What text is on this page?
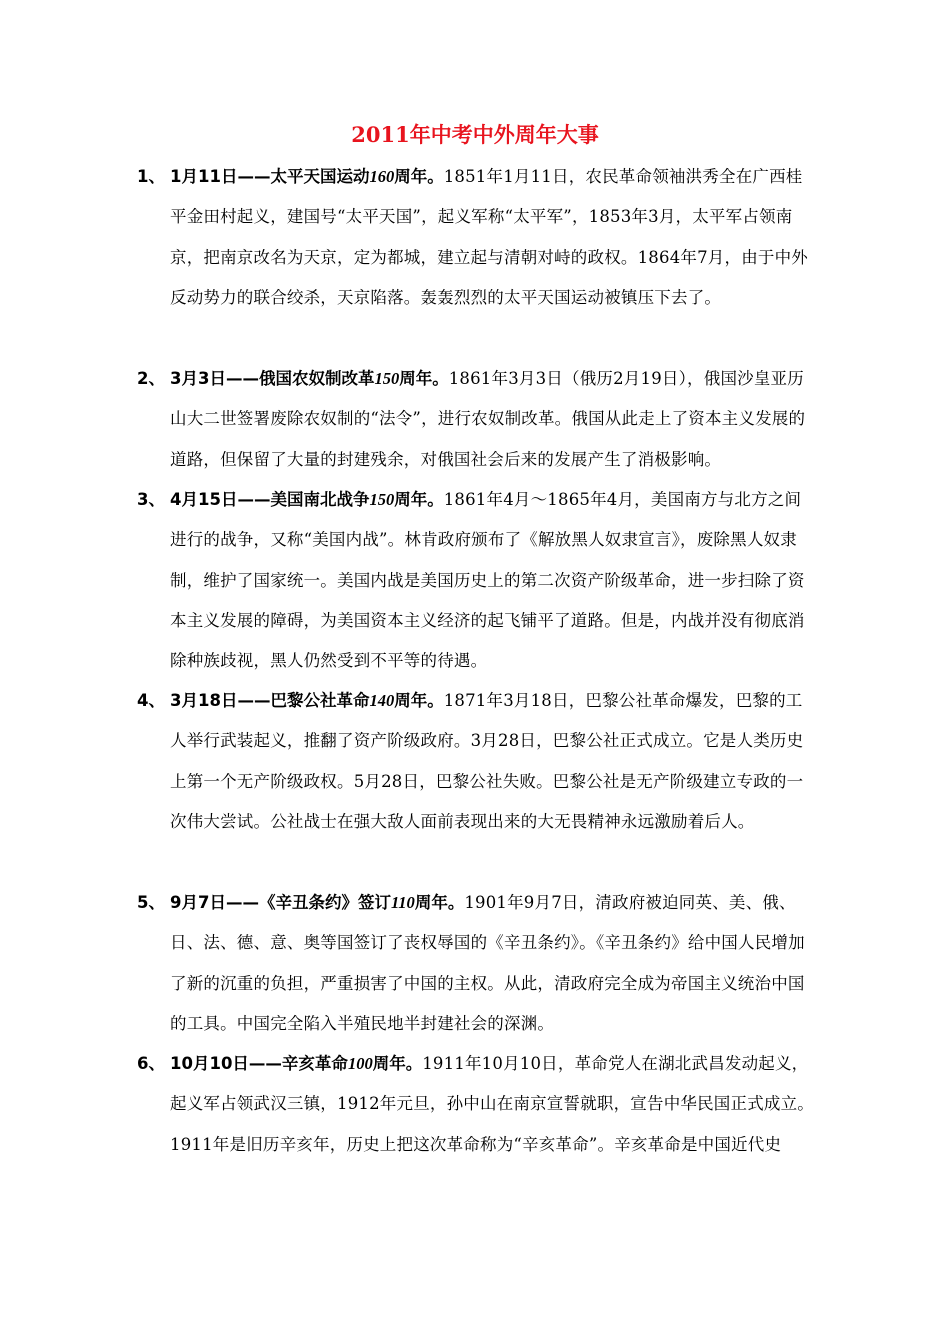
2011年中考中外周年大事
1、 1月11日——太平天国运动160周年。1851年1月11日，农民革命领袖洪秀全在广西桂平金田村起义，建国号“太平天国”，起义军称“太平军”，1853年3月，太平军占领南京，把南京改名为天京，定为都城，建立起与清朝对峙的政权。1864年7月，由于中外反动势力的联合绞杀，天京陷落。轰轰烈烈的太平天国运动被镇压下去了。
2、 3月3日——俄国农奴制改革150周年。1861年3月3日（俄历2月19日），俄国沙皇亚历山大二世签署废除农奴制的“法令”，进行农奴制改革。俄国从此走上了资本主义发展的道路，但保留了大量的封建残余，对俄国社会后来的发展产生了消极影响。
3、 4月15日——美国南北战争150周年。1861年4月～1865年4月，美国南方与北方之间进行的战争，又称“美国内战”。林肯政府颁布了《解放黑人奴隶宣言》，废除黑人奴隶制，维护了国家统一。美国内战是美国历史上的第二次资产阶级革命，进一步扫除了资本主义发展的障碍，为美国资本主义经济的起飞铺平了道路。但是，内战并没有彻底消除种族歧视，黑人仍然受到不平等的待遇。
4、 3月18日——巴黎公社革命140周年。1871年3月18日，巴黎公社革命爆发，巴黎的工人举行武装起义，推翻了资产阶级政府。3月28日，巴黎公社正式成立。它是人类历史上第一个无产阶级政权。5月28日，巴黎公社失败。巴黎公社是无产阶级建立专政的一次伟大尝试。公社战士在强大敌人面前表现出来的大无畏精神永远激励着后人。
5、 9月7日——《辛丑条约》签订110周年。1901年9月7日，清政府被迫同英、美、俄、日、法、德、意、奥等国签订了丧权辱国的《辛丑条约》。《辛丑条约》给中国人民增加了新的沉重的负担，严重损害了中国的主权。从此，清政府完全成为帝国主义统治中国的工具。中国完全陷入半殖民地半封建社会的深渊。
6、 10月10日——辛亥革命100周年。1911年10月10日，革命党人在湖北武昌发动起义，起义军占领武汉三镇，1912年元旦，孙中山在南京宣誓就职，宣告中华民国正式成立。1911年是旧历辛亥年，历史上把这次革命称为“辛亥革命”。辛亥革命是中国近代史
